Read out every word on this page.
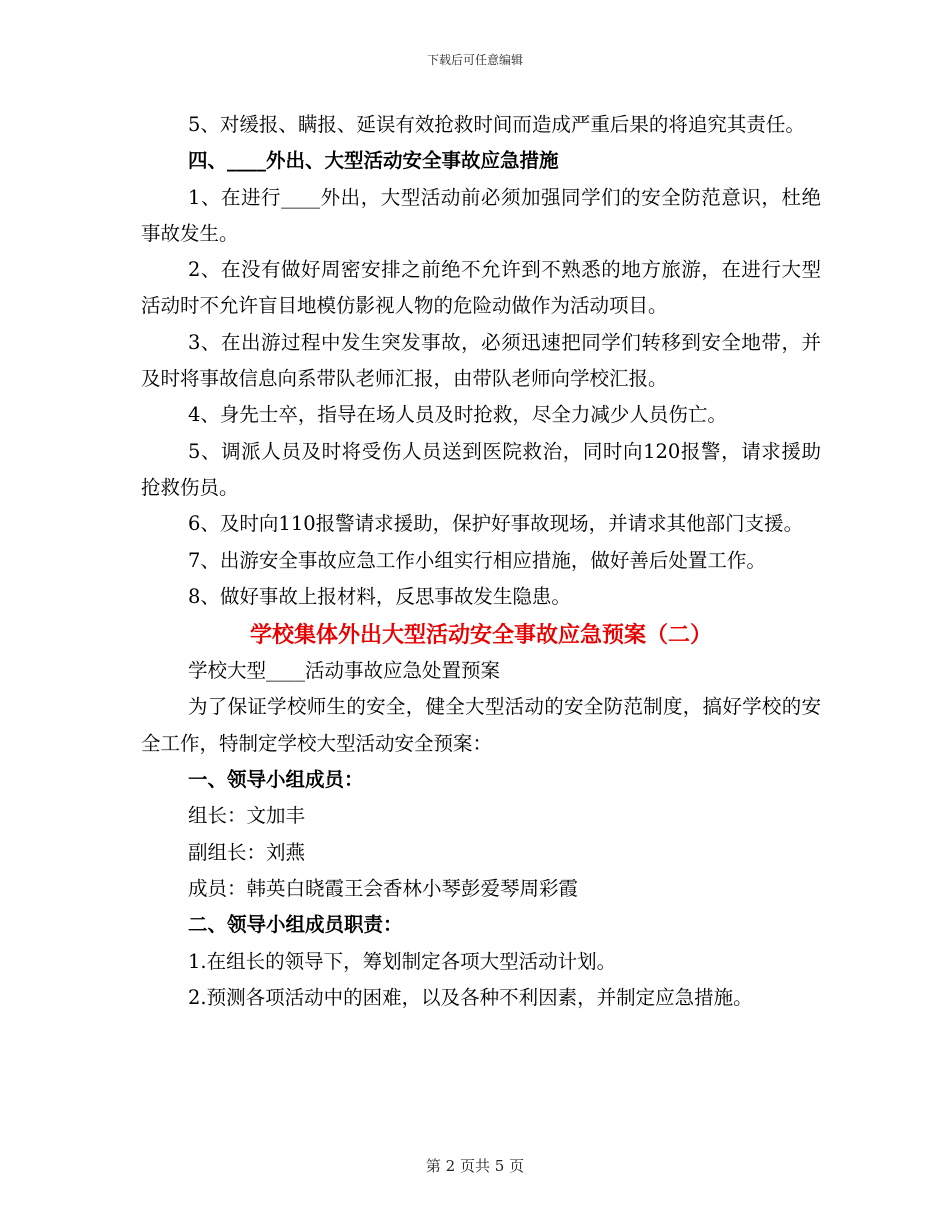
下载后可任意编辑

5、对缓报、瞒报、延误有效抢救时间而造成严重后果的将追究其责任。

四、____外出、大型活动安全事故应急措施

1、在进行____外出，大型活动前必须加强同学们的安全防范意识，杜绝事故发生。

2、在没有做好周密安排之前绝不允许到不熟悉的地方旅游，在进行大型活动时不允许盲目地模仿影视人物的危险动做作为活动项目。

3、在出游过程中发生突发事故，必须迅速把同学们转移到安全地带，并及时将事故信息向系带队老师汇报，由带队老师向学校汇报。

4、身先士卒，指导在场人员及时抢救，尽全力减少人员伤亡。

5、调派人员及时将受伤人员送到医院救治，同时向120报警，请求援助抢救伤员。

6、及时向110报警请求援助，保护好事故现场，并请求其他部门支援。

7、出游安全事故应急工作小组实行相应措施，做好善后处置工作。

8、做好事故上报材料，反思事故发生隐患。

学校集体外出大型活动安全事故应急预案（二）

学校大型____活动事故应急处置预案

为了保证学校师生的安全，健全大型活动的安全防范制度，搞好学校的安全工作，特制定学校大型活动安全预案：

一、领导小组成员：

组长：文加丰

副组长：刘燕

成员：韩英白晓霞王会香林小琴彭爱琴周彩霞

二、领导小组成员职责：

1.在组长的领导下，筹划制定各项大型活动计划。

2.预测各项活动中的困难，以及各种不利因素，并制定应急措施。

第 2 页共 5 页
